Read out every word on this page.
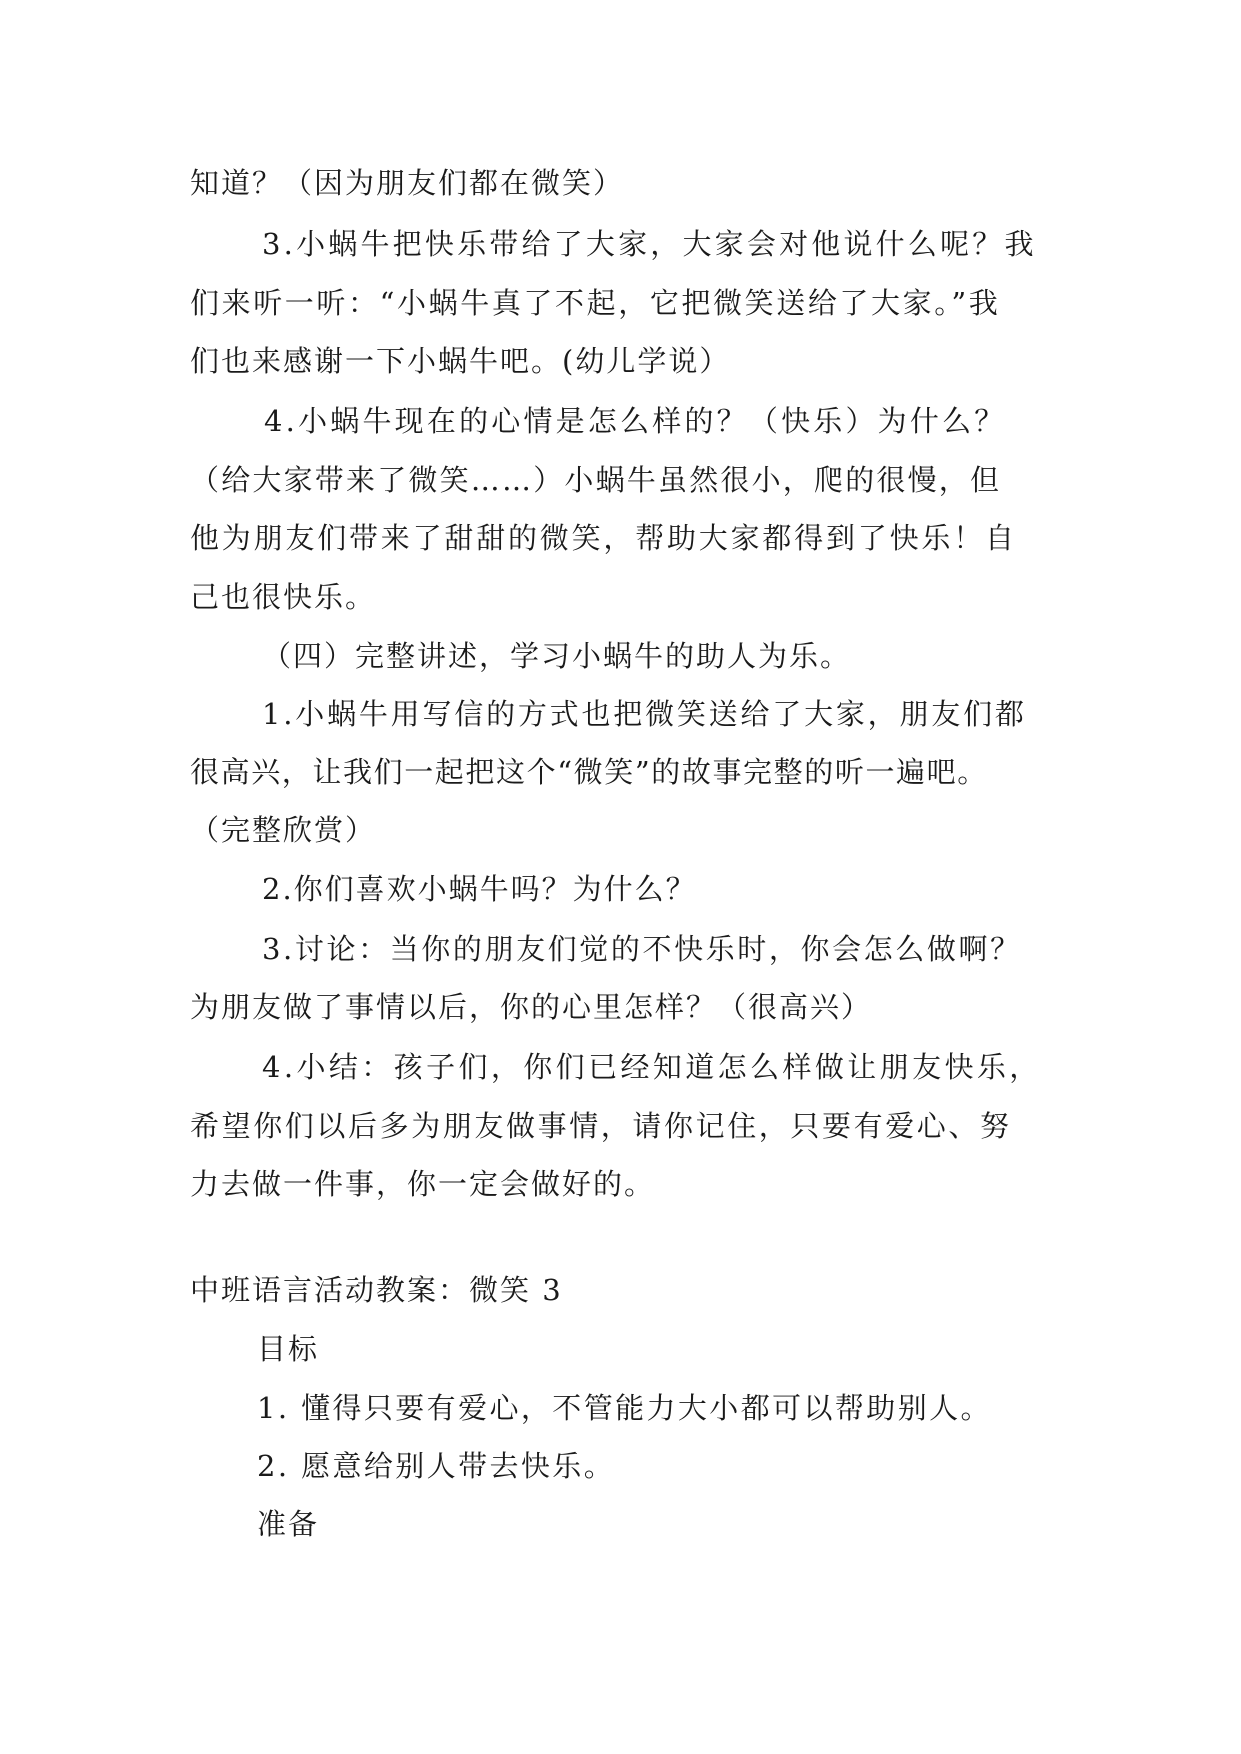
知道？（因为朋友们都在微笑）
3.小蜗牛把快乐带给了大家，大家会对他说什么呢？我
们来听一听：“小蜗牛真了不起，它把微笑送给了大家。”我
们也来感谢一下小蜗牛吧。(幼儿学说）
4.小蜗牛现在的心情是怎么样的？（快乐）为什么？
（给大家带来了微笑……）小蜗牛虽然很小，爬的很慢，但
他为朋友们带来了甜甜的微笑，帮助大家都得到了快乐！自
己也很快乐。
（四）完整讲述，学习小蜗牛的助人为乐。
1.小蜗牛用写信的方式也把微笑送给了大家，朋友们都
很高兴，让我们一起把这个“微笑”的故事完整的听一遍吧。
（完整欣赏）
2.你们喜欢小蜗牛吗？为什么？
3.讨论：当你的朋友们觉的不快乐时，你会怎么做啊？
为朋友做了事情以后，你的心里怎样？（很高兴）
4.小结：孩子们，你们已经知道怎么样做让朋友快乐，
希望你们以后多为朋友做事情，请你记住，只要有爱心、努
力去做一件事，你一定会做好的。
中班语言活动教案：微笑 3
目标
1. 懂得只要有爱心，不管能力大小都可以帮助别人。
2. 愿意给别人带去快乐。
准备
